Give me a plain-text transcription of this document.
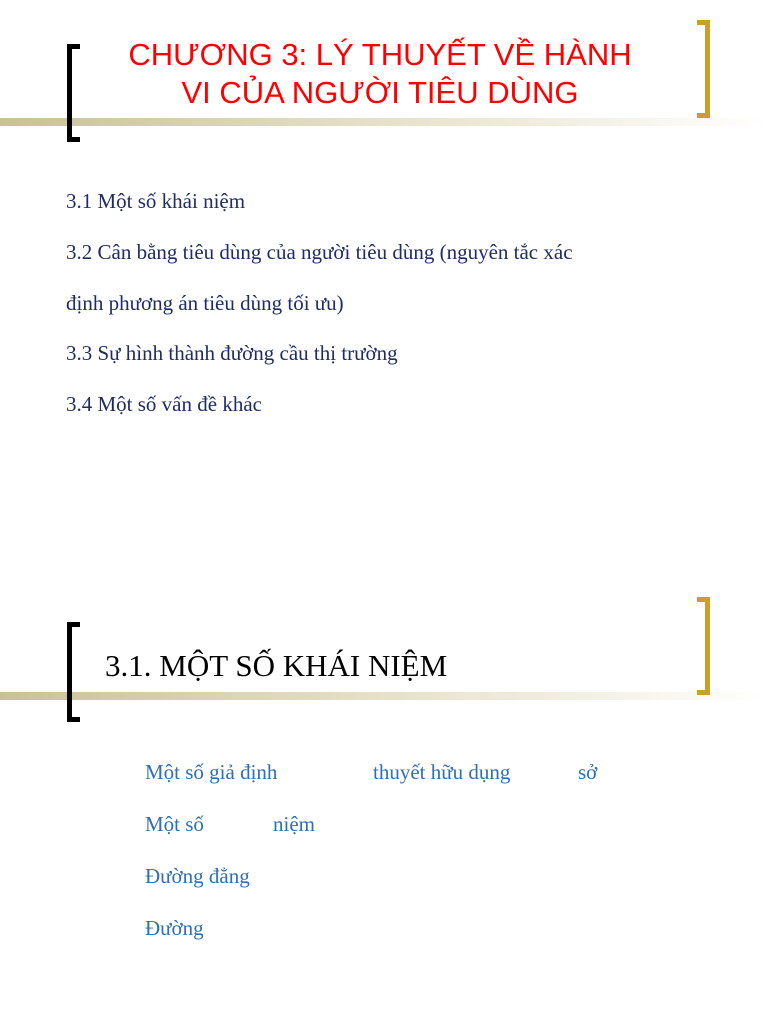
CHƯƠNG 3: LÝ THUYẾT VỀ HÀNH
VI CỦA NGƯỜI TIÊU DÙNG
3.1 Một số khái niệm
3.2 Cân bằng tiêu dùng của người tiêu dùng (nguyên tắc xác
định phương án tiêu dùng tối ưu)
3.3 Sự hình thành đường cầu thị trường
3.4 Một số vấn đề khác
3.1. MỘT SỐ KHÁI NIỆM
Một số giả định	thuyết hữu dụng	sở
Một số	niệm
Đường đẳng
Đường
